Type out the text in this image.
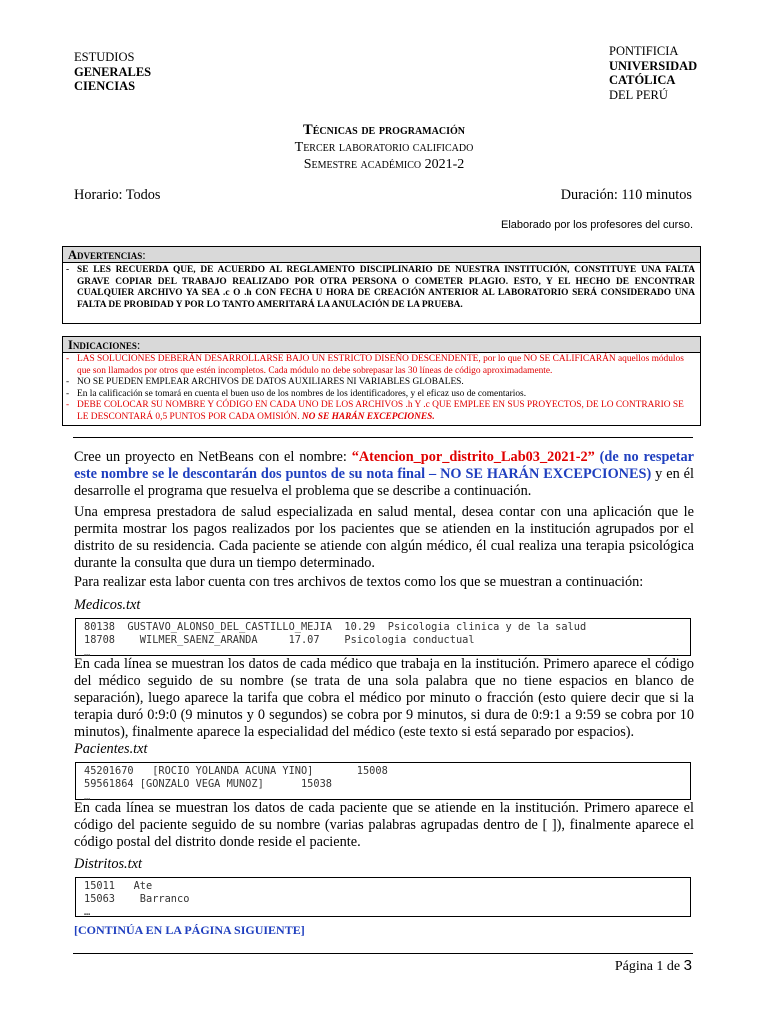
ESTUDIOS
GENERALES
CIENCIAS
PONTIFICIA
UNIVERSIDAD
CATÓLICA
DEL PERÚ
Técnicas de programación
Tercer laboratorio calificado
Semestre académico 2021-2
Horario: Todos	Duración: 110 minutos
Elaborado por los profesores del curso.
Advertencias:
- SE LES RECUERDA QUE, DE ACUERDO AL REGLAMENTO DISCIPLINARIO DE NUESTRA INSTITUCIÓN, CONSTITUYE UNA FALTA GRAVE COPIAR DEL TRABAJO REALIZADO POR OTRA PERSONA O COMETER PLAGIO. ESTO, Y EL HECHO DE ENCONTRAR CUALQUIER ARCHIVO YA SEA .c O .h CON FECHA U HORA DE CREACIÓN ANTERIOR AL LABORATORIO SERÁ CONSIDERADO UNA FALTA DE PROBIDAD Y POR LO TANTO AMERITARÁ LA ANULACIÓN DE LA PRUEBA.
Indicaciones:
- LAS SOLUCIONES DEBERÁN DESARROLLARSE BAJO UN ESTRICTO DISEÑO DESCENDENTE, por lo que NO SE CALIFICARÁN aquellos módulos que son llamados por otros que estén incompletos. Cada módulo no debe sobrepasar las 30 líneas de código aproximadamente.
- NO SE PUEDEN EMPLEAR ARCHIVOS DE DATOS AUXILIARES NI VARIABLES GLOBALES.
- En la calificación se tomará en cuenta el buen uso de los nombres de los identificadores, y el eficaz uso de comentarios.
- DEBE COLOCAR SU NOMBRE Y CÓDIGO EN CADA UNO DE LOS ARCHIVOS .h Y .c QUE EMPLEE EN SUS PROYECTOS, DE LO CONTRARIO SE LE DESCONTARÁ 0,5 PUNTOS POR CADA OMISIÓN. NO SE HARÁN EXCEPCIONES.
Cree un proyecto en NetBeans con el nombre: “Atencion_por_distrito_Lab03_2021-2” (de no respetar este nombre se le descontarán dos puntos de su nota final – NO SE HARÁN EXCEPCIONES) y en él desarrolle el programa que resuelva el problema que se describe a continuación.
Una empresa prestadora de salud especializada en salud mental, desea contar con una aplicación que le permita mostrar los pagos realizados por los pacientes que se atienden en la institución agrupados por el distrito de su residencia. Cada paciente se atiende con algún médico, él cual realiza una terapia psicológica durante la consulta que dura un tiempo determinado.
Para realizar esta labor cuenta con tres archivos de textos como los que se muestran a continuación:
Medicos.txt
80138  GUSTAVO_ALONSO_DEL_CASTILLO_MEJIA  10.29  Psicologia clinica y de la salud
18708    WILMER_SAENZ_ARANDA     17.07    Psicologia conductual
…
En cada línea se muestran los datos de cada médico que trabaja en la institución. Primero aparece el código del médico seguido de su nombre (se trata de una sola palabra que no tiene espacios en blanco de separación), luego aparece la tarifa que cobra el médico por minuto o fracción (esto quiere decir que si la terapia duró 0:9:0 (9 minutos y 0 segundos) se cobra por 9 minutos, si dura de 0:9:1 a 9:59 se cobra por 10 minutos), finalmente aparece la especialidad del médico (este texto si está separado por espacios).
Pacientes.txt
45201670   [ROCIO YOLANDA ACUNA YINO]       15008
59561864 [GONZALO VEGA MUNOZ]      15038
…
En cada línea se muestran los datos de cada paciente que se atiende en la institución. Primero aparece el código del paciente seguido de su nombre (varias palabras agrupadas dentro de [ ]), finalmente aparece el código postal del distrito donde reside el paciente.
Distritos.txt
15011   Ate
15063    Barranco
…
[CONTINÚA EN LA PÁGINA SIGUIENTE]
Página 1 de 3
